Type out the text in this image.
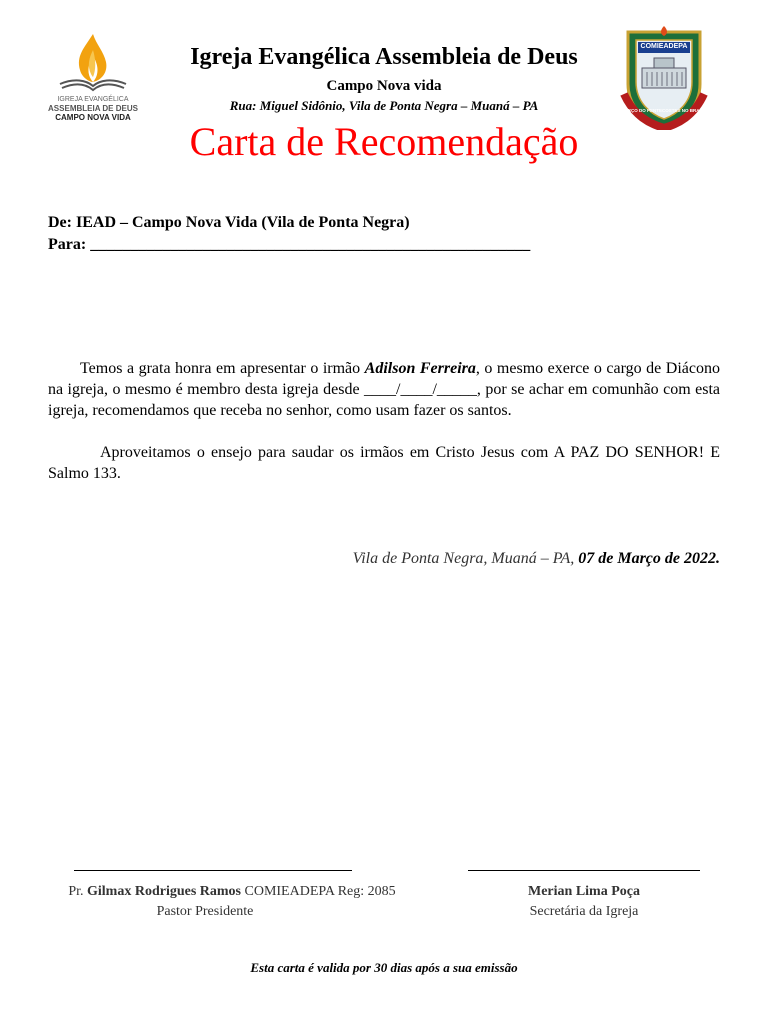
IGREJA EVANGÉLICA
ASSEMBLEIA DE DEUS
CAMPO NOVA VIDA
COMIEADEPA
BERÇO DO PENTECOSTES NO BRASIL
Igreja Evangélica Assembleia de Deus
Campo Nova vida
Rua: Miguel Sidônio, Vila de Ponta Negra – Muaná – PA
Carta de Recomendação
De: IEAD – Campo Nova Vida (Vila de Ponta Negra)
Para: _______________________________________________________
Temos a grata honra em apresentar o irmão Adilson Ferreira, o mesmo exerce o cargo de Diácono na igreja, o mesmo é membro desta igreja desde ____/____/_____, por se achar em comunhão com esta igreja, recomendamos que receba no senhor, como usam fazer os santos.
Aproveitamos o ensejo para saudar os irmãos em Cristo Jesus com A PAZ DO SENHOR! E Salmo 133.
Vila de Ponta Negra, Muaná – PA, 07 de Março de 2022.
Pr. Gilmax Rodrigues Ramos COMIEADEPA Reg: 2085
Pastor Presidente
Merian Lima Poça
Secretária da Igreja
Esta carta é valida por 30 dias após a sua emissão
